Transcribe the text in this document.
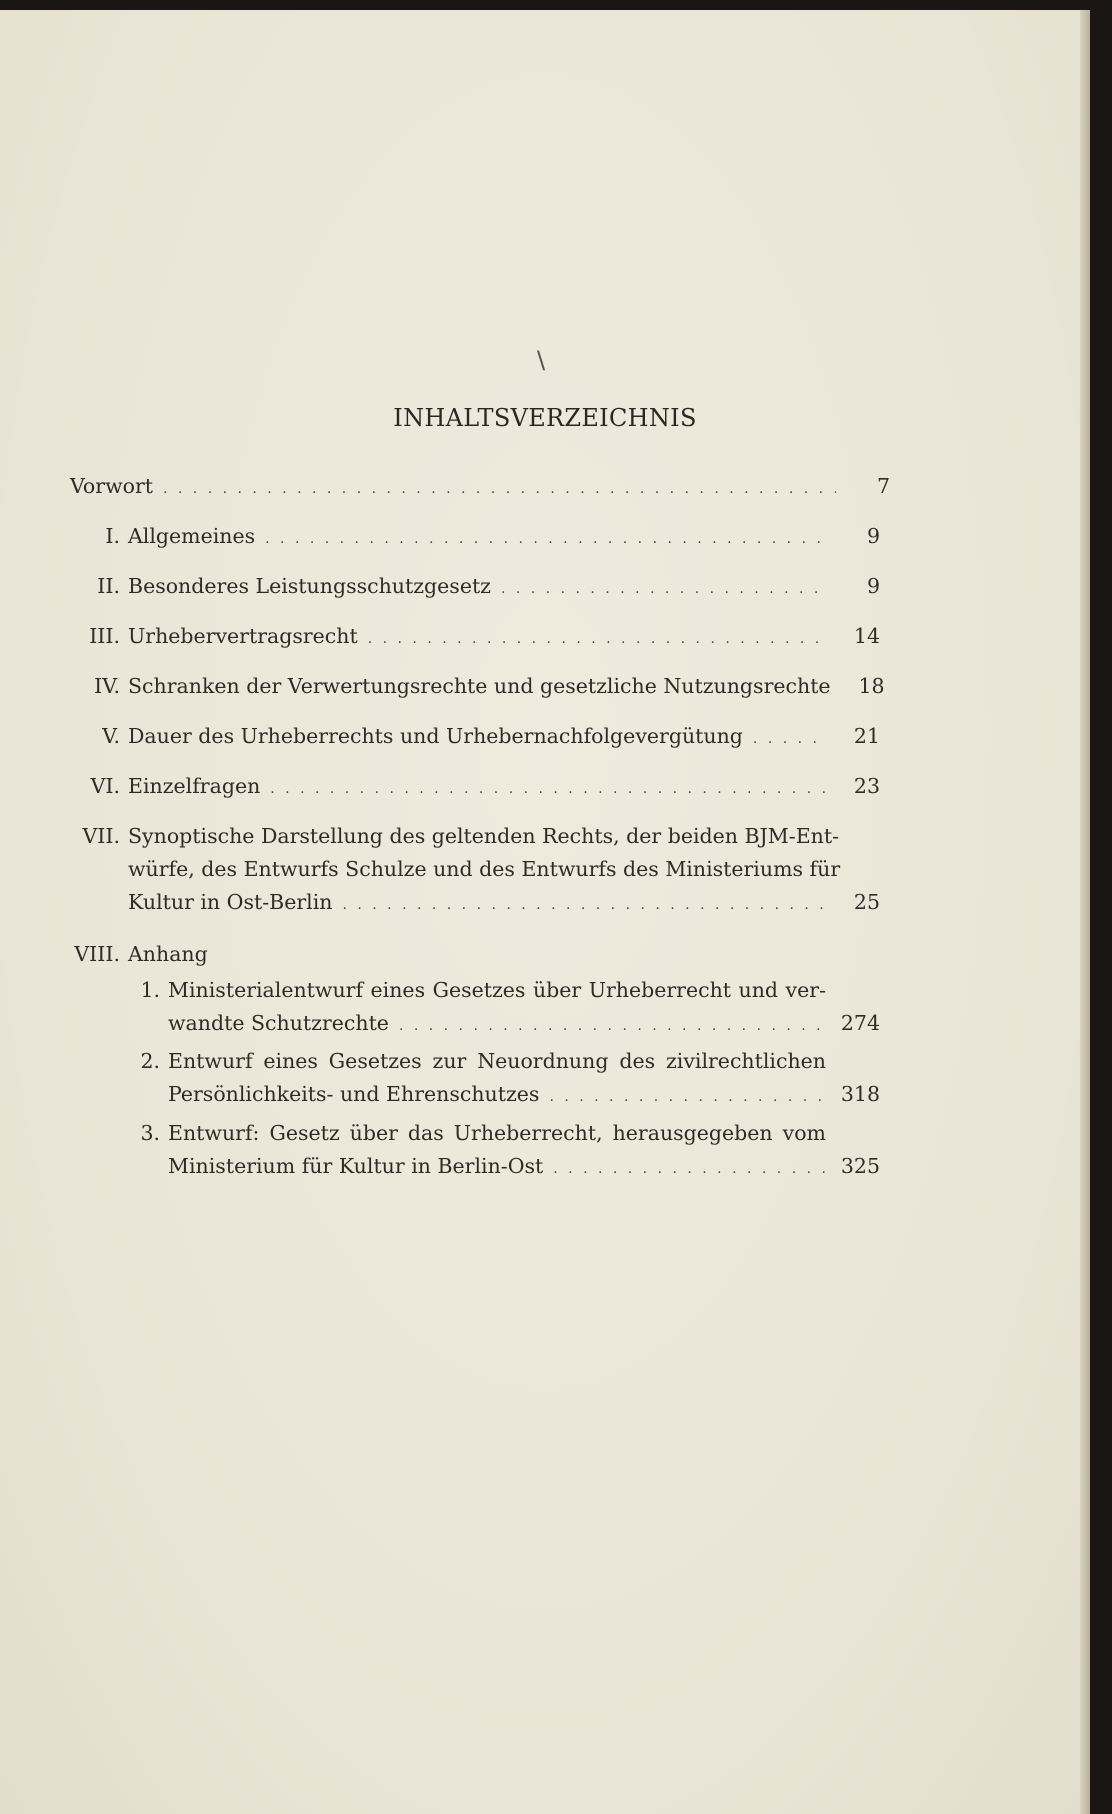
\
INHALTSVERZEICHNIS
Vorwort . . .	7
I. Allgemeines . . .	9
II. Besonderes Leistungsschutzgesetz . . .	9
III. Urhebervertragsrecht . . .	14
IV. Schranken der Verwertungsrechte und gesetzliche Nutzungsrechte	18
V. Dauer des Urheberrechts und Urhebernachfolgevergütung . . .	21
VI. Einzelfragen . . .	23
VII. Synoptische Darstellung des geltenden Rechts, der beiden BJM-Ent-
würfe, des Entwurfs Schulze und des Entwurfs des Ministeriums für
Kultur in Ost-Berlin . . .	25
VIII. Anhang
1. Ministerialentwurf eines Gesetzes über Urheberrecht und ver-
wandte Schutzrechte . . .	274
2. Entwurf eines Gesetzes zur Neuordnung des zivilrechtlichen
Persönlichkeits- und Ehrenschutzes . . .	318
3. Entwurf: Gesetz über das Urheberrecht, herausgegeben vom
Ministerium für Kultur in Berlin-Ost . . .	325
